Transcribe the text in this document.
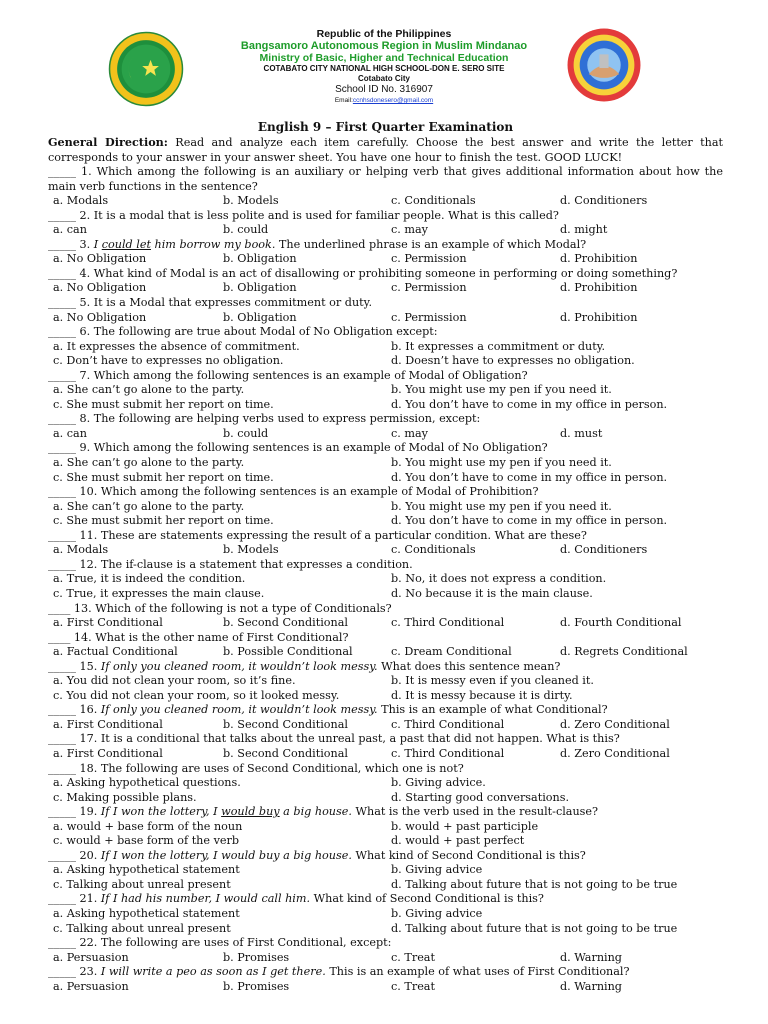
Republic of the Philippines
Bangsamoro Autonomous Region in Muslim Mindanao
Ministry of Basic, Higher and Technical Education
COTABATO CITY NATIONAL HIGH SCHOOL-DON E. SERO SITE
Cotabato City
School ID No. 316907
Email:ccnhsdonesero@gmail.com
English 9 – First Quarter Examination
General Direction: Read and analyze each item carefully. Choose the best answer and write the letter that corresponds to your answer in your answer sheet. You have one hour to finish the test. GOOD LUCK!
_____ 1. Which among the following is an auxiliary or helping verb that gives additional information about how the main verb functions in the sentence?
a. Modals	b. Models	c. Conditionals	d. Conditioners
_____ 2. It is a modal that is less polite and is used for familiar people. What is this called?
a. can	b. could	c. may	d. might
_____ 3. I could let him borrow my book. The underlined phrase is an example of which Modal?
a. No Obligation	b. Obligation	c. Permission	d. Prohibition
_____ 4. What kind of Modal is an act of disallowing or prohibiting someone in performing or doing something?
a. No Obligation	b. Obligation	c. Permission	d. Prohibition
_____ 5. It is a Modal that expresses commitment or duty.
a. No Obligation	b. Obligation	c. Permission	d. Prohibition
_____ 6. The following are true about Modal of No Obligation except:
a. It expresses the absence of commitment.	b. It expresses a commitment or duty.
c. Don’t have to expresses no obligation.	d. Doesn’t have to expresses no obligation.
_____ 7. Which among the following sentences is an example of Modal of Obligation?
a. She can’t go alone to the party.	b. You might use my pen if you need it.
c. She must submit her report on time.	d. You don’t have to come in my office in person.
_____ 8. The following are helping verbs used to express permission, except:
a. can	b. could	c. may	d. must
_____ 9. Which among the following sentences is an example of Modal of No Obligation?
a. She can’t go alone to the party.	b. You might use my pen if you need it.
c. She must submit her report on time.	d. You don’t have to come in my office in person.
_____ 10. Which among the following sentences is an example of Modal of Prohibition?
a. She can’t go alone to the party.	b. You might use my pen if you need it.
c. She must submit her report on time.	d. You don’t have to come in my office in person.
_____ 11. These are statements expressing the result of a particular condition. What are these?
a. Modals	b. Models	c. Conditionals	d. Conditioners
_____ 12. The if-clause is a statement that expresses a condition.
a. True, it is indeed the condition.	b. No, it does not express a condition.
c. True, it expresses the main clause.	d. No because it is the main clause.
____ 13. Which of the following is not a type of Conditionals?
a. First Conditional	b. Second Conditional	c. Third Conditional	d. Fourth Conditional
____ 14. What is the other name of First Conditional?
a. Factual Conditional	b. Possible Conditional	c. Dream Conditional	d. Regrets Conditional
_____ 15. If only you cleaned room, it wouldn’t look messy. What does this sentence mean?
a. You did not clean your room, so it’s fine.	b. It is messy even if you cleaned it.
c. You did not clean your room, so it looked messy.	d. It is messy because it is dirty.
_____ 16. If only you cleaned room, it wouldn’t look messy. This is an example of what Conditional?
a. First Conditional	b. Second Conditional	c. Third Conditional	d. Zero Conditional
_____ 17. It is a conditional that talks about the unreal past, a past that did not happen. What is this?
a. First Conditional	b. Second Conditional	c. Third Conditional	d. Zero Conditional
_____ 18. The following are uses of Second Conditional, which one is not?
a. Asking hypothetical questions.	b. Giving advice.
c. Making possible plans.	d. Starting good conversations.
_____ 19. If I won the lottery, I would buy a big house. What is the verb used in the result-clause?
a. would + base form of the noun	b. would + past participle
c. would + base form of the verb	d. would + past perfect
_____ 20. If I won the lottery, I would buy a big house. What kind of Second Conditional is this?
a. Asking hypothetical statement	b. Giving advice
c. Talking about unreal present	d. Talking about future that is not going to be true
_____ 21. If I had his number, I would call him. What kind of Second Conditional is this?
a. Asking hypothetical statement	b. Giving advice
c. Talking about unreal present	d. Talking about future that is not going to be true
_____ 22. The following are uses of First Conditional, except:
a. Persuasion	b. Promises	c. Treat	d. Warning
_____ 23. I will write a peo as soon as I get there. This is an example of what uses of First Conditional?
a. Persuasion	b. Promises	c. Treat	d. Warning
